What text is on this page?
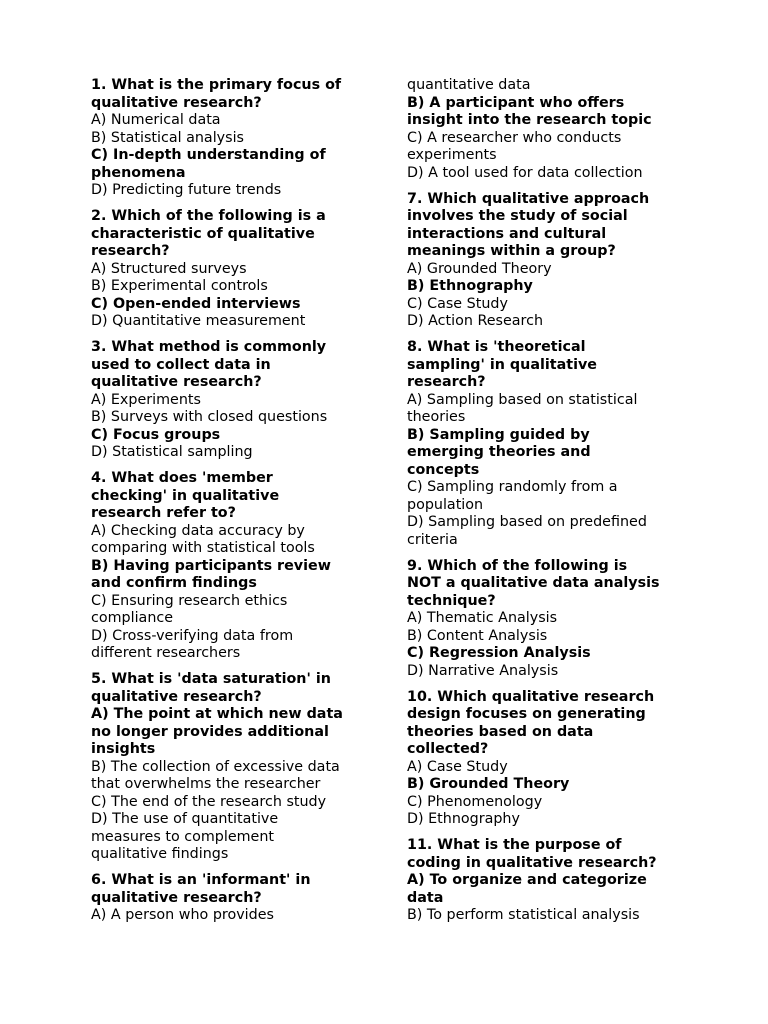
1. What is the primary focus of
qualitative research?
A) Numerical data
B) Statistical analysis
C) In-depth understanding of
phenomena
D) Predicting future trends
2. Which of the following is a
characteristic of qualitative
research?
A) Structured surveys
B) Experimental controls
C) Open-ended interviews
D) Quantitative measurement
3. What method is commonly
used to collect data in
qualitative research?
A) Experiments
B) Surveys with closed questions
C) Focus groups
D) Statistical sampling
4. What does 'member
checking' in qualitative
research refer to?
A) Checking data accuracy by
comparing with statistical tools
B) Having participants review
and confirm findings
C) Ensuring research ethics
compliance
D) Cross-verifying data from
different researchers
5. What is 'data saturation' in
qualitative research?
A) The point at which new data
no longer provides additional
insights
B) The collection of excessive data
that overwhelms the researcher
C) The end of the research study
D) The use of quantitative
measures to complement
qualitative findings
6. What is an 'informant' in
qualitative research?
A) A person who provides
quantitative data
B) A participant who offers
insight into the research topic
C) A researcher who conducts
experiments
D) A tool used for data collection
7. Which qualitative approach
involves the study of social
interactions and cultural
meanings within a group?
A) Grounded Theory
B) Ethnography
C) Case Study
D) Action Research
8. What is 'theoretical
sampling' in qualitative
research?
A) Sampling based on statistical
theories
B) Sampling guided by
emerging theories and
concepts
C) Sampling randomly from a
population
D) Sampling based on predefined
criteria
9. Which of the following is
NOT a qualitative data analysis
technique?
A) Thematic Analysis
B) Content Analysis
C) Regression Analysis
D) Narrative Analysis
10. Which qualitative research
design focuses on generating
theories based on data
collected?
A) Case Study
B) Grounded Theory
C) Phenomenology
D) Ethnography
11. What is the purpose of
coding in qualitative research?
A) To organize and categorize
data
B) To perform statistical analysis
